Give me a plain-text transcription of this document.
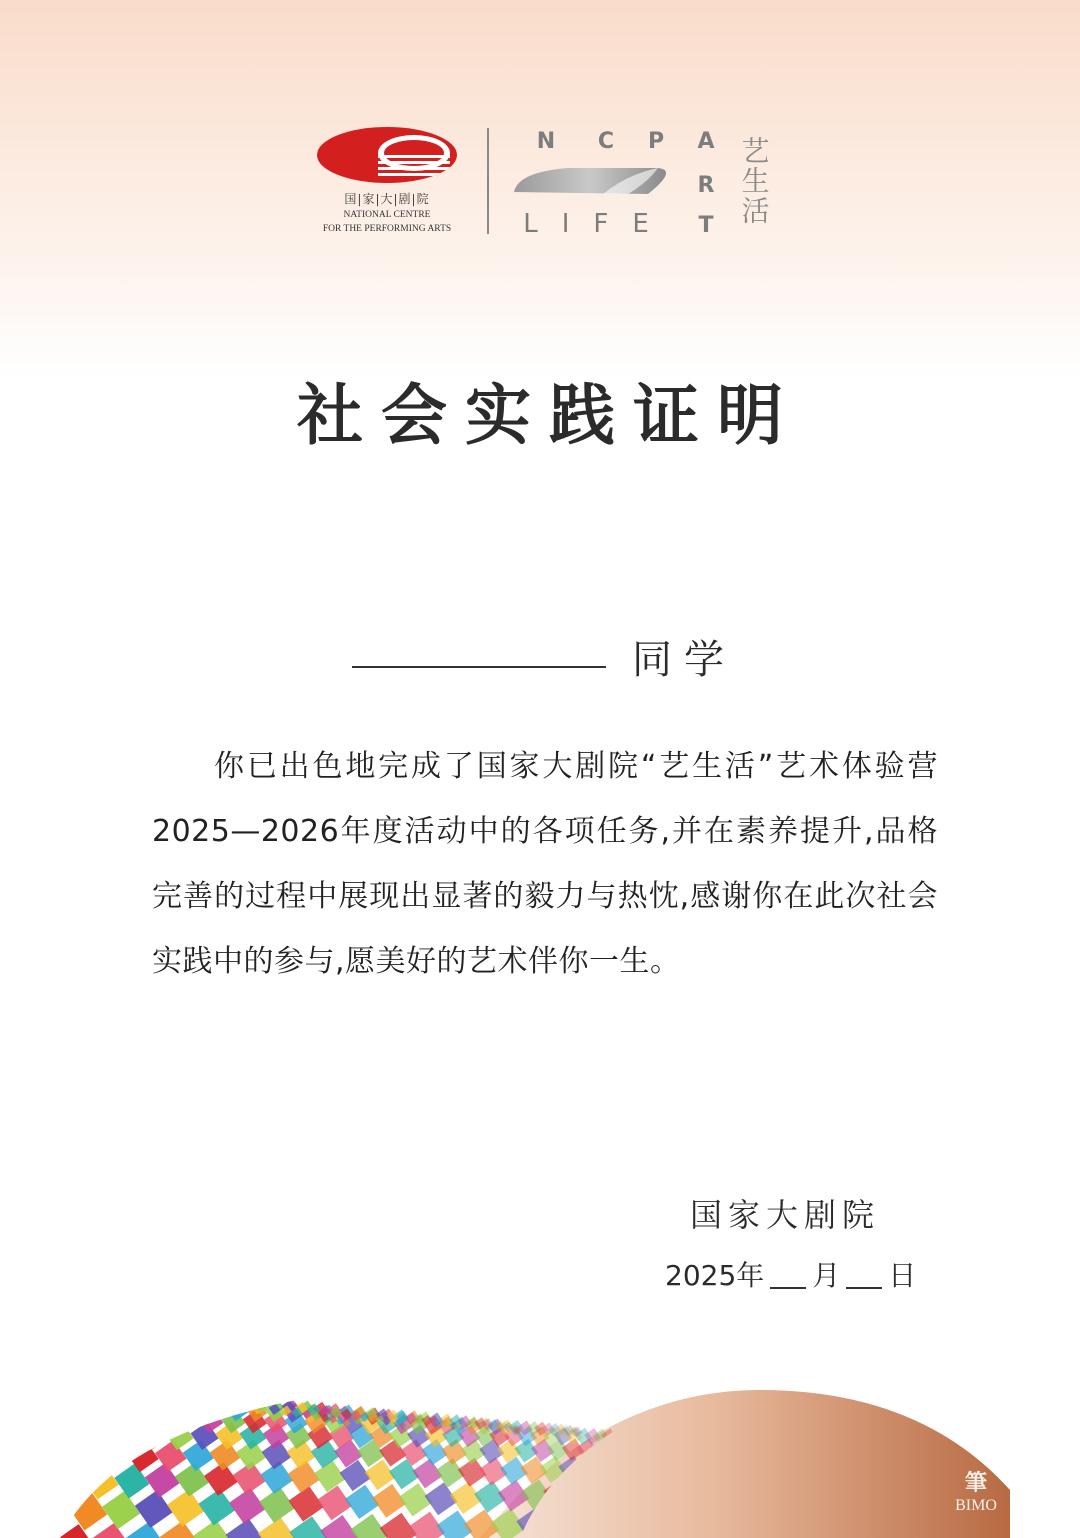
国|家|大|剧|院
NATIONAL CENTRE
FOR THE PERFORMING ARTS
N C P A
R
LIFE T 艺生活
社会实践证明
同学
你已出色地完成了国家大剧院“艺生活”艺术体验营2025—2026年度活动中的各项任务,并在素养提升,品格完善的过程中展现出显著的毅力与热忱,感谢你在此次社会实践中的参与,愿美好的艺术伴你一生。
国家大剧院
2025年 月 日
筆
BIMO
